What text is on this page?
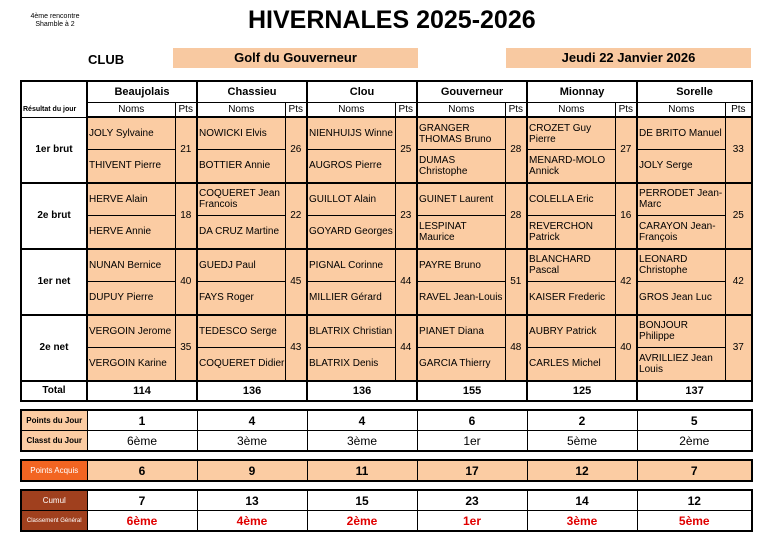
4ème rencontre
Shamble à 2	HIVERNALES 2025-2026
CLUB	Golf du Gouverneur	Jeudi 22 Janvier 2026
Résultat du jour	Beaujolais		Chassieu		Clou		Gouverneur		Mionnay		Sorelle	
	Noms	Pts	Noms	Pts	Noms	Pts	Noms	Pts	Noms	Pts	Noms	Pts
1er brut	JOLY Sylvaine	21	NOWICKI Elvis	26	NIENHUIJS Winne	25	GRANGER THOMAS Bruno	28	CROZET Guy Pierre	27	DE BRITO Manuel	33
	THIVENT Pierre		BOTTIER Annie		AUGROS Pierre		DUMAS Christophe		MENARD-MOLO Annick		JOLY Serge	
2e brut	HERVE Alain	18	COQUERET Jean Francois	22	GUILLOT Alain	23	GUINET Laurent	28	COLELLA Eric	16	PERRODET Jean-Marc	25
	HERVE Annie		DA CRUZ Martine		GOYARD Georges		LESPINAT Maurice		REVERCHON Patrick		CARAYON Jean-François	
1er net	NUNAN Bernice	40	GUEDJ Paul	45	PIGNAL Corinne	44	PAYRE Bruno	51	BLANCHARD Pascal	42	LEONARD Christophe	42
	DUPUY Pierre		FAYS Roger		MILLIER Gérard		RAVEL Jean-Louis		KAISER Frederic		GROS Jean Luc	
2e net	VERGOIN Jerome	35	TEDESCO Serge	43	BLATRIX Christian	44	PIANET Diana	48	AUBRY Patrick	40	BONJOUR Philippe	37
	VERGOIN Karine		COQUERET Didier		BLATRIX Denis		GARCIA Thierry		CARLES Michel		AVRILLIEZ Jean Louis	
Total	114		136		136		155		125		137	
Points du Jour	1	4	4	6	2	5
Classt du Jour	6ème	3ème	3ème	1er	5ème	2ème
Points Acquis	6	9	11	17	12	7
Cumul	7	13	15	23	14	12
Classement Général	6ème	4ème	2ème	1er	3ème	5ème
